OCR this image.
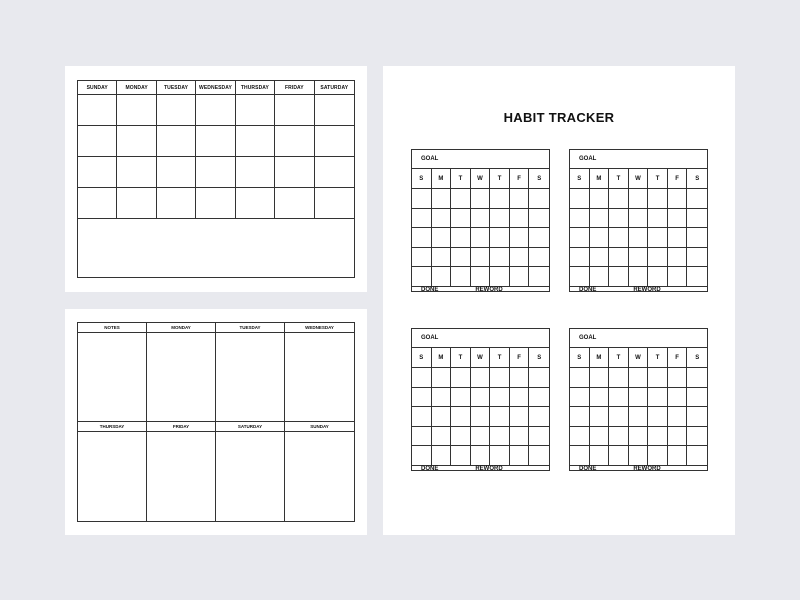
SUNDAY	MONDAY	TUESDAY	WEDNESDAY	THURSDAY	FRIDAY	SATURDAY
NOTES	MONDAY	TUESDAY	WEDNESDAY
THURSDAY	FRIDAY	SATURDAY	SUNDAY
HABIT TRACKER
GOAL
S	M	T	W	T	F	S
DONE	REWORD
GOAL
S	M	T	W	T	F	S
DONE	REWORD
GOAL
S	M	T	W	T	F	S
DONE	REWORD
GOAL
S	M	T	W	T	F	S
DONE	REWORD
